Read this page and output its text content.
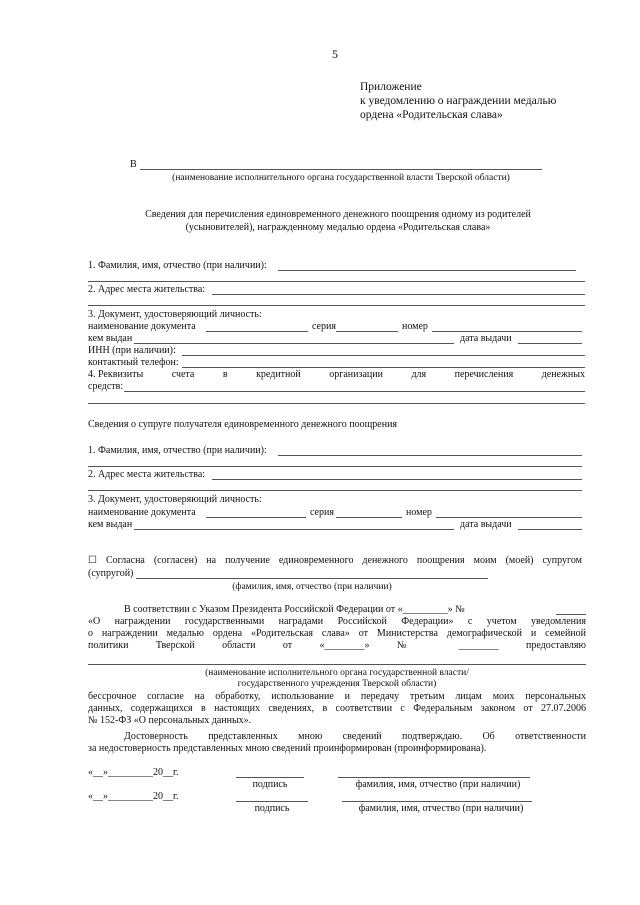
5
Приложение
к уведомлению о награждении медалью
ордена «Родительская слава»
В
(наименование исполнительного органа государственной власти Тверской области)
Сведения для перечисления единовременного денежного поощрения одному из родителей
(усыновителей), награжденному медалью ордена «Родительская слава»
1. Фамилия, имя, отчество (при наличии):
2. Адрес места жительства:
3. Документ, удостоверяющий личность:
наименование документа	серия	номер
кем выдан	дата выдачи
ИНН (при наличии):
контактный телефон:
4. Реквизиты	счета	в	кредитной	организации	для	перечисления	денежных
средств:
Сведения о супруге получателя единовременного денежного поощрения
1. Фамилия, имя, отчество (при наличии):
2. Адрес места жительства:
3. Документ, удостоверяющий личность:
наименование документа	серия	номер
кем выдан	дата выдачи
☐ Согласна (согласен) на получение единовременного денежного поощрения моим (моей) супругом
(супругой)
(фамилия, имя, отчество (при наличии)
В соответствии с Указом Президента Российской Федерации от «_________» №
«О награждении государственными наградами Российской Федерации» с учетом уведомления
о награждении медалью ордена «Родительская слава» от Министерства демографической и семейной
политики Тверской области от «________» № ________ предоставляю
(наименование исполнительного органа государственной власти/
государственного учреждения Тверской области)
бессрочное согласие на обработку, использование и передачу третьим лицам моих персональных
данных, содержащихся в настоящих сведениях, в соответствии с Федеральным законом от 27.07.2006
№ 152-ФЗ «О персональных данных».
Достоверность представленных мною сведений подтверждаю. Об ответственности
за недостоверность представленных мною сведений проинформирован (проинформирована).
«__»_________20__г.
подпись	фамилия, имя, отчество (при наличии)
«__»_________20__г.
подпись	фамилия, имя, отчество (при наличии)
